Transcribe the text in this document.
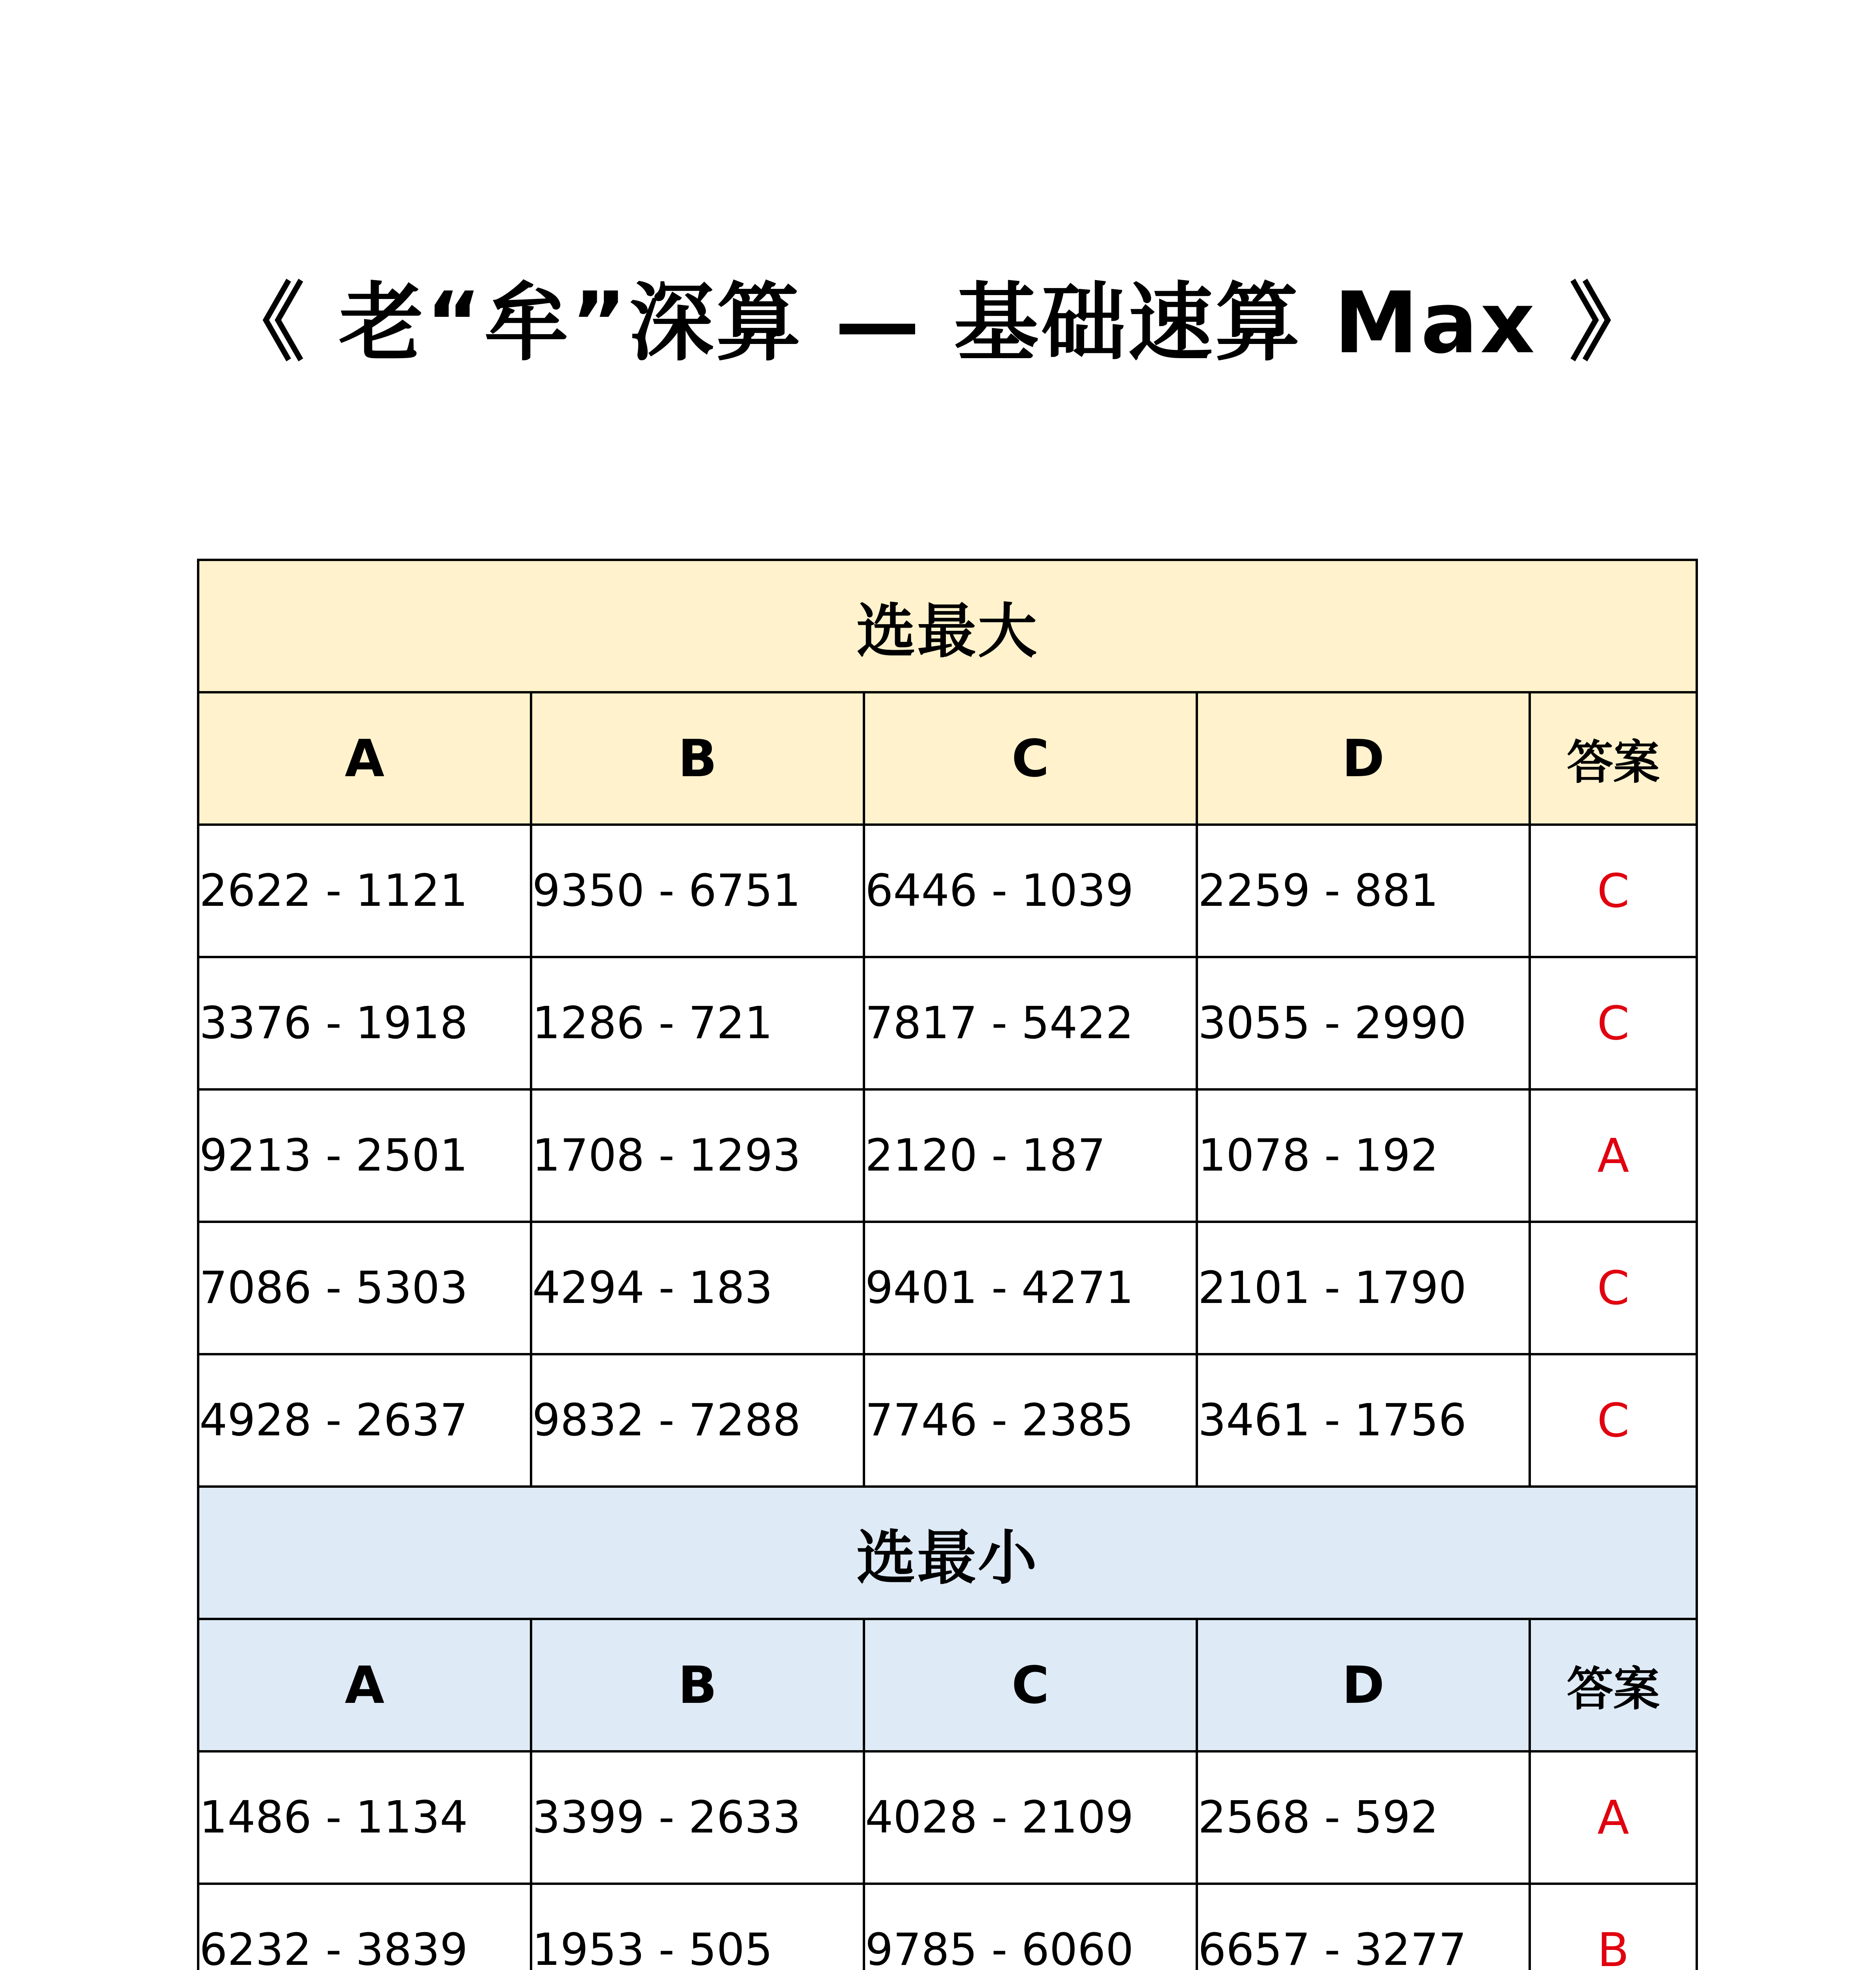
《 老“牟”深算 — 基础速算 Max 》
选最大				
A	B	C	D	答案
2622 - 1121	9350 - 6751	6446 - 1039	2259 - 881	C
3376 - 1918	1286 - 721	7817 - 5422	3055 - 2990	C
9213 - 2501	1708 - 1293	2120 - 187	1078 - 192	A
7086 - 5303	4294 - 183	9401 - 4271	2101 - 1790	C
4928 - 2637	9832 - 7288	7746 - 2385	3461 - 1756	C
选最小				
A	B	C	D	答案
1486 - 1134	3399 - 2633	4028 - 2109	2568 - 592	A
6232 - 3839	1953 - 505	9785 - 6060	6657 - 3277	B
